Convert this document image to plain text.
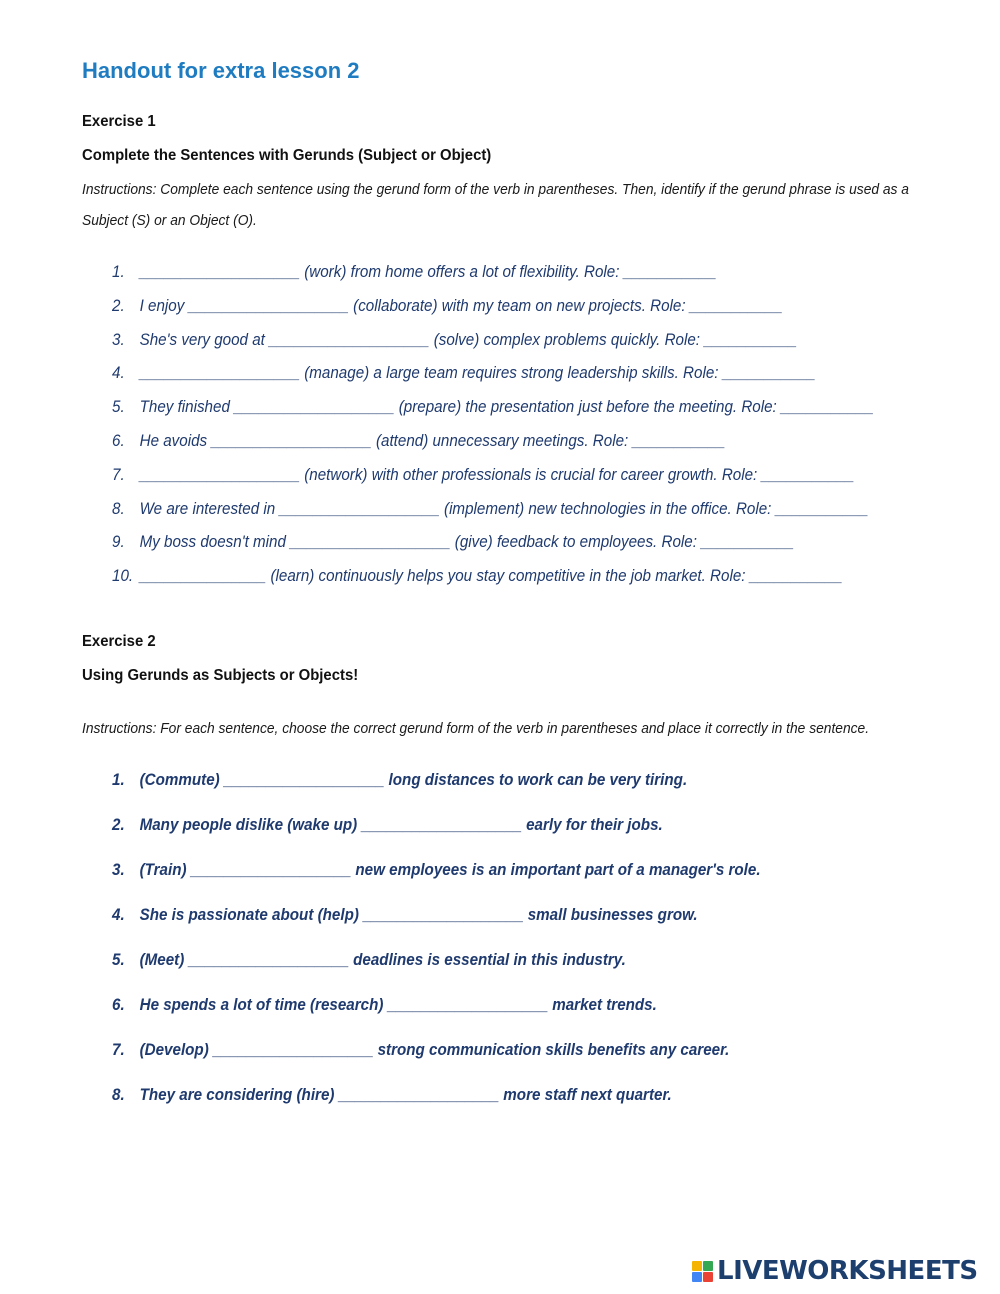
Handout for extra lesson 2
Exercise 1
Complete the Sentences with Gerunds (Subject or Object)
Instructions: Complete each sentence using the gerund form of the verb in parentheses. Then, identify if the gerund phrase is used as a Subject (S) or an Object (O).
1. ___________________ (work) from home offers a lot of flexibility. Role: ___________
2. I enjoy ___________________ (collaborate) with my team on new projects. Role: ___________
3. She's very good at ___________________ (solve) complex problems quickly. Role: ___________
4. ___________________ (manage) a large team requires strong leadership skills. Role: ___________
5. They finished ___________________ (prepare) the presentation just before the meeting. Role: ___________
6. He avoids ___________________ (attend) unnecessary meetings. Role: ___________
7. ___________________ (network) with other professionals is crucial for career growth. Role: ___________
8. We are interested in ___________________ (implement) new technologies in the office. Role: ___________
9. My boss doesn't mind ___________________ (give) feedback to employees. Role: ___________
10. _______________ (learn) continuously helps you stay competitive in the job market. Role: ___________
Exercise 2
Using Gerunds as Subjects or Objects!
Instructions: For each sentence, choose the correct gerund form of the verb in parentheses and place it correctly in the sentence.
1. (Commute) ___________________ long distances to work can be very tiring.
2. Many people dislike (wake up) ___________________ early for their jobs.
3. (Train) ___________________ new employees is an important part of a manager's role.
4. She is passionate about (help) ___________________ small businesses grow.
5. (Meet) ___________________ deadlines is essential in this industry.
6. He spends a lot of time (research) ___________________ market trends.
7. (Develop) ___________________ strong communication skills benefits any career.
8. They are considering (hire) ___________________ more staff next quarter.
LIVEWORKSHEETS
